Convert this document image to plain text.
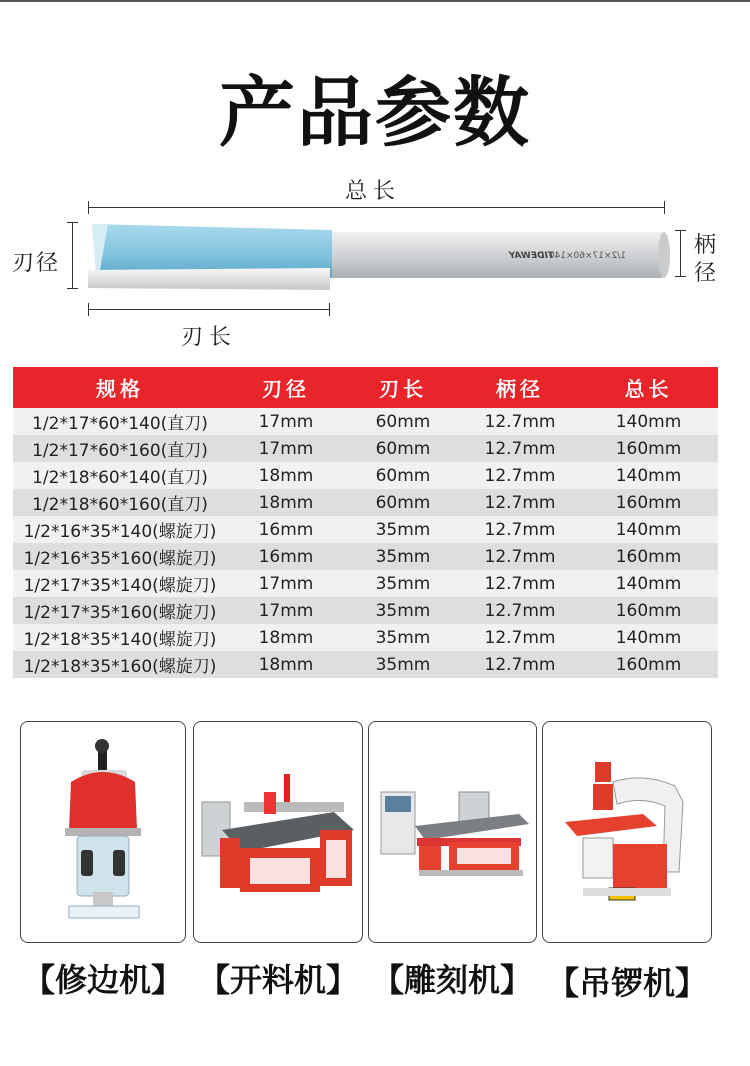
产品参数
总长
刃径
柄
径
刃长
1/2×17×60×140
TIDEWAY
规格	刃径	刃长	柄径	总长
1/2*17*60*140(直刀)	17mm	60mm	12.7mm	140mm
1/2*17*60*160(直刀)	17mm	60mm	12.7mm	160mm
1/2*18*60*140(直刀)	18mm	60mm	12.7mm	140mm
1/2*18*60*160(直刀)	18mm	60mm	12.7mm	160mm
1/2*16*35*140(螺旋刀)	16mm	35mm	12.7mm	140mm
1/2*16*35*160(螺旋刀)	16mm	35mm	12.7mm	160mm
1/2*17*35*140(螺旋刀)	17mm	35mm	12.7mm	140mm
1/2*17*35*160(螺旋刀)	17mm	35mm	12.7mm	160mm
1/2*18*35*140(螺旋刀)	18mm	35mm	12.7mm	140mm
1/2*18*35*160(螺旋刀)	18mm	35mm	12.7mm	160mm
【修边机】 【开料机】 【雕刻机】 【吊锣机】
